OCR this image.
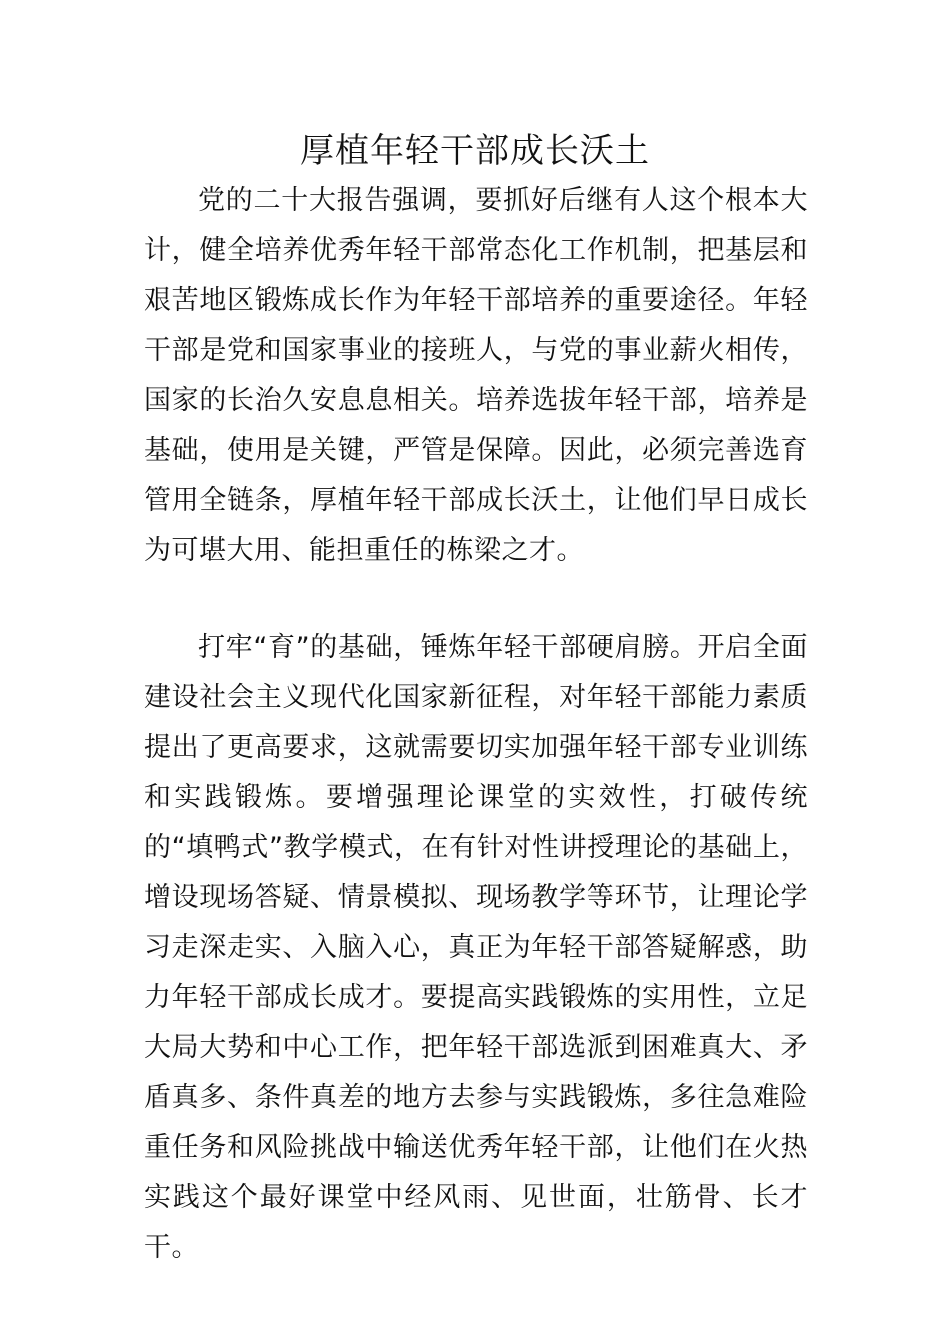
厚植年轻干部成长沃土

党的二十大报告强调，要抓好后继有人这个根本大计，健全培养优秀年轻干部常态化工作机制，把基层和艰苦地区锻炼成长作为年轻干部培养的重要途径。年轻干部是党和国家事业的接班人，与党的事业薪火相传，国家的长治久安息息相关。培养选拔年轻干部，培养是基础，使用是关键，严管是保障。因此，必须完善选育管用全链条，厚植年轻干部成长沃土，让他们早日成长为可堪大用、能担重任的栋梁之才。

打牢“育”的基础，锤炼年轻干部硬肩膀。开启全面建设社会主义现代化国家新征程，对年轻干部能力素质提出了更高要求，这就需要切实加强年轻干部专业训练和实践锻炼。要增强理论课堂的实效性，打破传统的“填鸭式”教学模式，在有针对性讲授理论的基础上，增设现场答疑、情景模拟、现场教学等环节，让理论学习走深走实、入脑入心，真正为年轻干部答疑解惑，助力年轻干部成长成才。要提高实践锻炼的实用性，立足大局大势和中心工作，把年轻干部选派到困难真大、矛盾真多、条件真差的地方去参与实践锻炼，多往急难险重任务和风险挑战中输送优秀年轻干部，让他们在火热实践这个最好课堂中经风雨、见世面，壮筋骨、长才干。
